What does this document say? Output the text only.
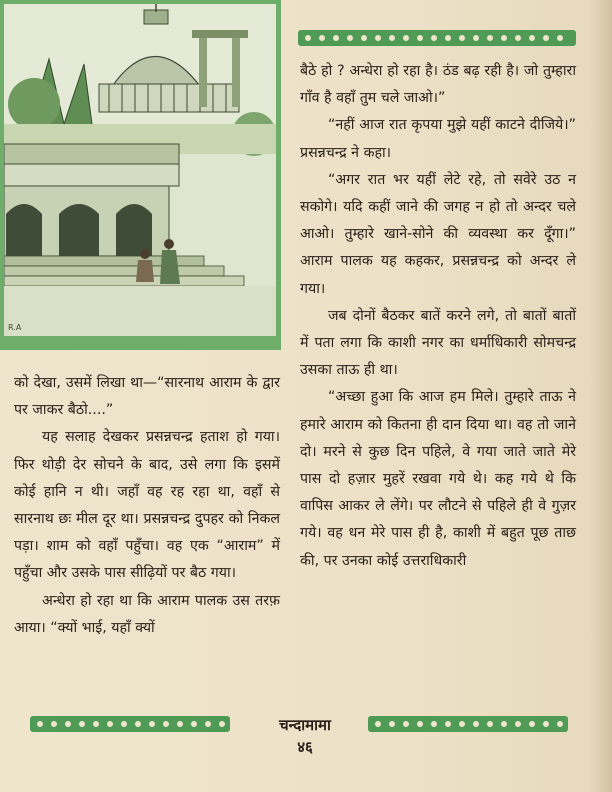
R.A

बैठे हो ? अन्धेरा हो रहा है। ठंड बढ़ रही है। जो तुम्हारा गाँव है वहाँ तुम चले जाओ।”

“नहीं आज रात कृपया मुझे यहीं काटने दीजिये।” प्रसन्नचन्द्र ने कहा।

“अगर रात भर यहीं लेटे रहे, तो सवेरे उठ न सकोगे। यदि कहीं जाने की जगह न हो तो अन्दर चले आओ। तुम्हारे खाने-सोने की व्यवस्था कर दूँगा।” आराम पालक यह कहकर, प्रसन्नचन्द्र को अन्दर ले गया।

जब दोनों बैठकर बातें करने लगे, तो बातों बातों में पता लगा कि काशी नगर का धर्माधिकारी सोमचन्द्र उसका ताऊ ही था।

“अच्छा हुआ कि आज हम मिले। तुम्हारे ताऊ ने हमारे आराम को कितना ही दान दिया था। वह तो जाने दो। मरने से कुछ दिन पहिले, वे गया जाते जाते मेरे पास दो हज़ार मुहरें रखवा गये थे। कह गये थे कि वापिस आकर ले लेंगे। पर लौटने से पहिले ही वे गुज़र गये। वह धन मेरे पास ही है, काशी में बहुत पूछ ताछ की, पर उनका कोई उत्तराधिकारी

को देखा, उसमें लिखा था—“सारनाथ आराम के द्वार पर जाकर बैठो....”

यह सलाह देखकर प्रसन्नचन्द्र हताश हो गया। फिर थोड़ी देर सोचने के बाद, उसे लगा कि इसमें कोई हानि न थी। जहाँ वह रह रहा था, वहाँ से सारनाथ छः मील दूर था। प्रसन्नचन्द्र दुपहर को निकल पड़ा। शाम को वहाँ पहुँचा। वह एक “आराम” में पहुँचा और उसके पास सीढ़ियों पर बैठ गया।

अन्धेरा हो रहा था कि आराम पालक उस तरफ़ आया। “क्यों भाई, यहाँ क्यों

चन्दामामा
४६
